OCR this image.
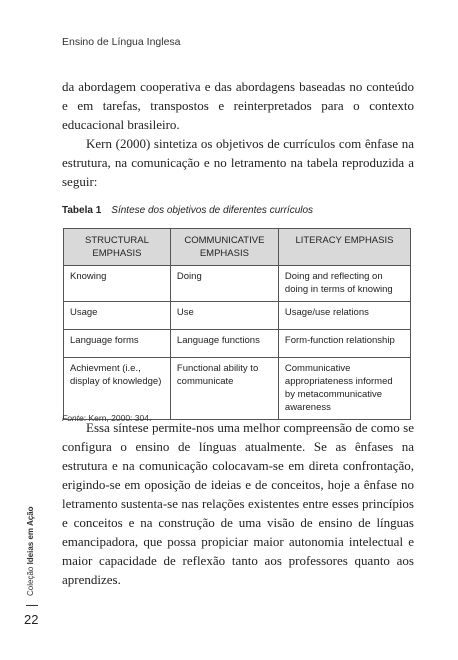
Ensino de Língua Inglesa

da abordagem cooperativa e das abordagens baseadas no conteúdo e em tarefas, transpostos e reinterpretados para o contexto educacional brasileiro.

Kern (2000) sintetiza os objetivos de currículos com ênfase na estrutura, na comunicação e no letramento na tabela reproduzida a seguir:

Tabela 1 Síntese dos objetivos de diferentes currículos
STRUCTURAL EMPHASIS	COMMUNICATIVE EMPHASIS	LITERACY EMPHASIS
Knowing	Doing	Doing and reflecting on doing in terms of knowing
Usage	Use	Usage/use relations
Language forms	Language functions	Form-function relationship
Achievment (i.e., display of knowledge)	Functional ability to communicate	Communicative appropriateness informed by metacommunicative awareness
Fonte: Kern, 2000: 304.

Essa síntese permite-nos uma melhor compreensão de como se configura o ensino de línguas atualmente. Se as ênfases na estrutura e na comunicação colocavam-se em direta confrontação, erigindo-se em oposição de ideias e de conceitos, hoje a ênfase no letramento sustenta-se nas relações existentes entre esses princípios e conceitos e na construção de uma visão de ensino de línguas emancipadora, que possa propiciar maior autonomia intelectual e maior capacidade de reflexão tanto aos professores quanto aos aprendizes.

Coleção Ideias em Ação
22
